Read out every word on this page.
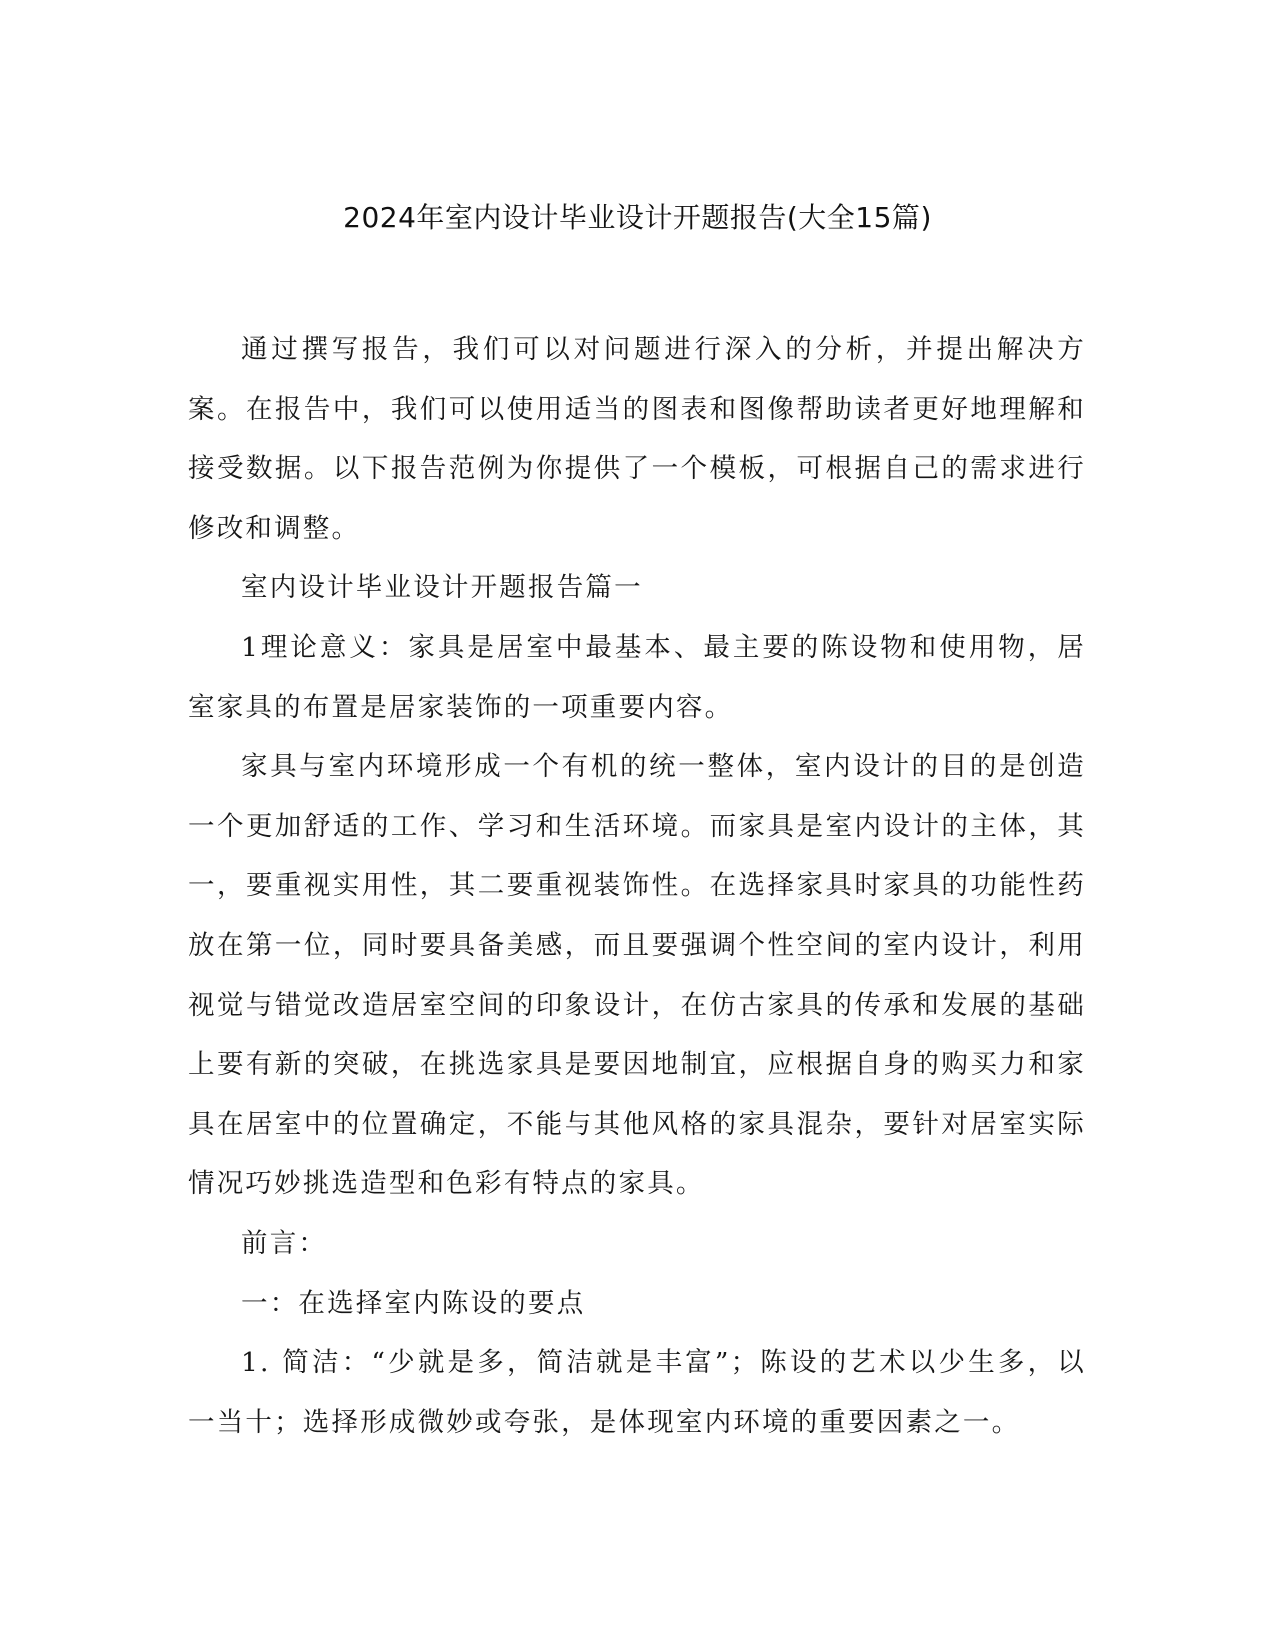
2024年室内设计毕业设计开题报告(大全15篇)

通过撰写报告，我们可以对问题进行深入的分析，并提出解决方案。在报告中，我们可以使用适当的图表和图像帮助读者更好地理解和接受数据。以下报告范例为你提供了一个模板，可根据自己的需求进行修改和调整。

室内设计毕业设计开题报告篇一

1理论意义：家具是居室中最基本、最主要的陈设物和使用物，居室家具的布置是居家装饰的一项重要内容。

家具与室内环境形成一个有机的统一整体，室内设计的目的是创造一个更加舒适的工作、学习和生活环境。而家具是室内设计的主体，其一，要重视实用性，其二要重视装饰性。在选择家具时家具的功能性药放在第一位，同时要具备美感，而且要强调个性空间的室内设计，利用视觉与错觉改造居室空间的印象设计，在仿古家具的传承和发展的基础上要有新的突破，在挑选家具是要因地制宜，应根据自身的购买力和家具在居室中的位置确定，不能与其他风格的家具混杂，要针对居室实际情况巧妙挑选造型和色彩有特点的家具。

前言：

一：在选择室内陈设的要点

1. 简洁：“少就是多，简洁就是丰富”；陈设的艺术以少生多，以一当十；选择形成微妙或夸张，是体现室内环境的重要因素之一。
